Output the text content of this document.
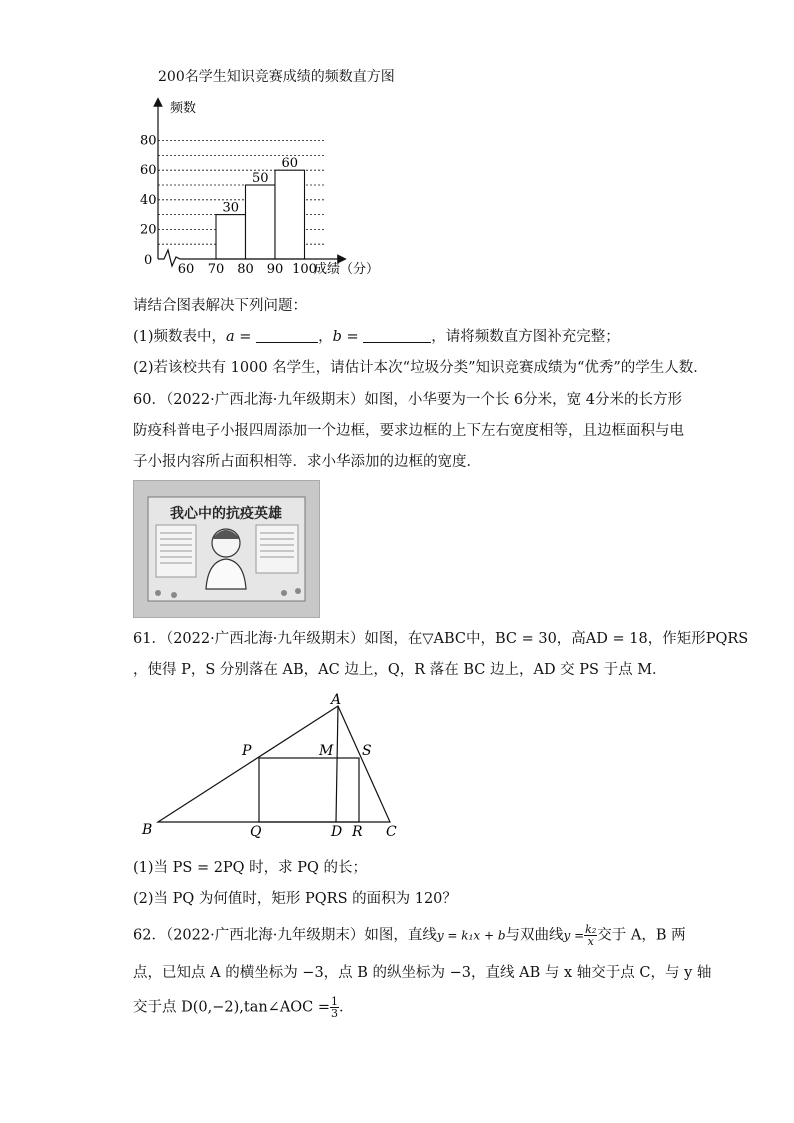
200名学生知识竞赛成绩的频数直方图
频数
0
20
40
60
80
60 70 80 90 100
30
50
60
成绩（分）
请结合图表解决下列问题：
(1)频数表中，a =	，b =	，请将频数直方图补充完整；
(2)若该校共有 1000 名学生，请估计本次“垃圾分类”知识竞赛成绩为“优秀”的学生人数．
60．（2022·广西北海·九年级期末）如图，小华要为一个长 6分米，宽 4分米的长方形
防疫科普电子小报四周添加一个边框，要求边框的上下左右宽度相等，且边框面积与电
子小报内容所占面积相等．求小华添加的边框的宽度．
我心中的抗疫英雄
61．（2022·广西北海·九年级期末）如图，在▽ABC中，BC = 30，高AD = 18，作矩形PQRS
，使得 P，S 分别落在 AB，AC 边上，Q，R 落在 BC 边上，AD 交 PS 于点 M．
A
P	M S
B	Q	D R C
(1)当 PS = 2PQ 时，求 PQ 的长；
(2)当 PQ 为何值时，矩形 PQRS 的面积为 120？
62．（2022·广西北海·九年级期末）如图，直线y = k₁x + b与双曲线$y = \frac{\text{k₂}}{x}$ 交于 A，B 两
点，已知点 A 的横坐标为 −3，点 B 的纵坐标为 −3，直线 AB 与 x 轴交于点 C，与 y 轴
交于点 D(0,−2),tan∠AOC = $\frac{1}{3}$ ．
